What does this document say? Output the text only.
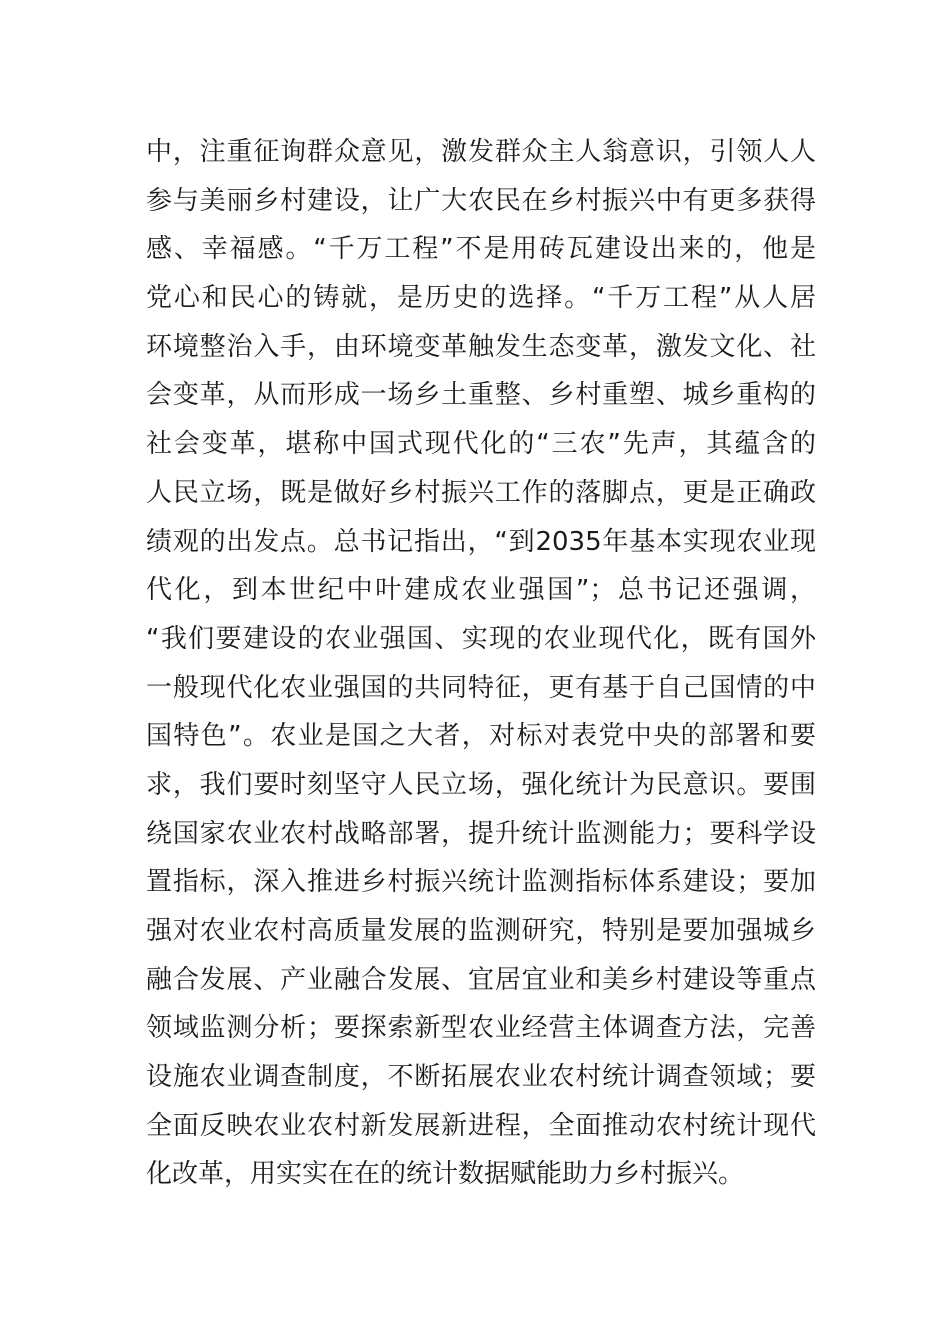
中，注重征询群众意见，激发群众主人翁意识，引领人人
参与美丽乡村建设，让广大农民在乡村振兴中有更多获得
感、幸福感。“千万工程”不是用砖瓦建设出来的，他是
党心和民心的铸就，是历史的选择。“千万工程”从人居
环境整治入手，由环境变革触发生态变革，激发文化、社
会变革，从而形成一场乡土重整、乡村重塑、城乡重构的
社会变革，堪称中国式现代化的“三农”先声，其蕴含的
人民立场，既是做好乡村振兴工作的落脚点，更是正确政
绩观的出发点。总书记指出，“到2035年基本实现农业现
代化，到本世纪中叶建成农业强国”；总书记还强调，
“我们要建设的农业强国、实现的农业现代化，既有国外
一般现代化农业强国的共同特征，更有基于自己国情的中
国特色”。农业是国之大者，对标对表党中央的部署和要
求，我们要时刻坚守人民立场，强化统计为民意识。要围
绕国家农业农村战略部署，提升统计监测能力；要科学设
置指标，深入推进乡村振兴统计监测指标体系建设；要加
强对农业农村高质量发展的监测研究，特别是要加强城乡
融合发展、产业融合发展、宜居宜业和美乡村建设等重点
领域监测分析；要探索新型农业经营主体调查方法，完善
设施农业调查制度，不断拓展农业农村统计调查领域；要
全面反映农业农村新发展新进程，全面推动农村统计现代
化改革，用实实在在的统计数据赋能助力乡村振兴。
